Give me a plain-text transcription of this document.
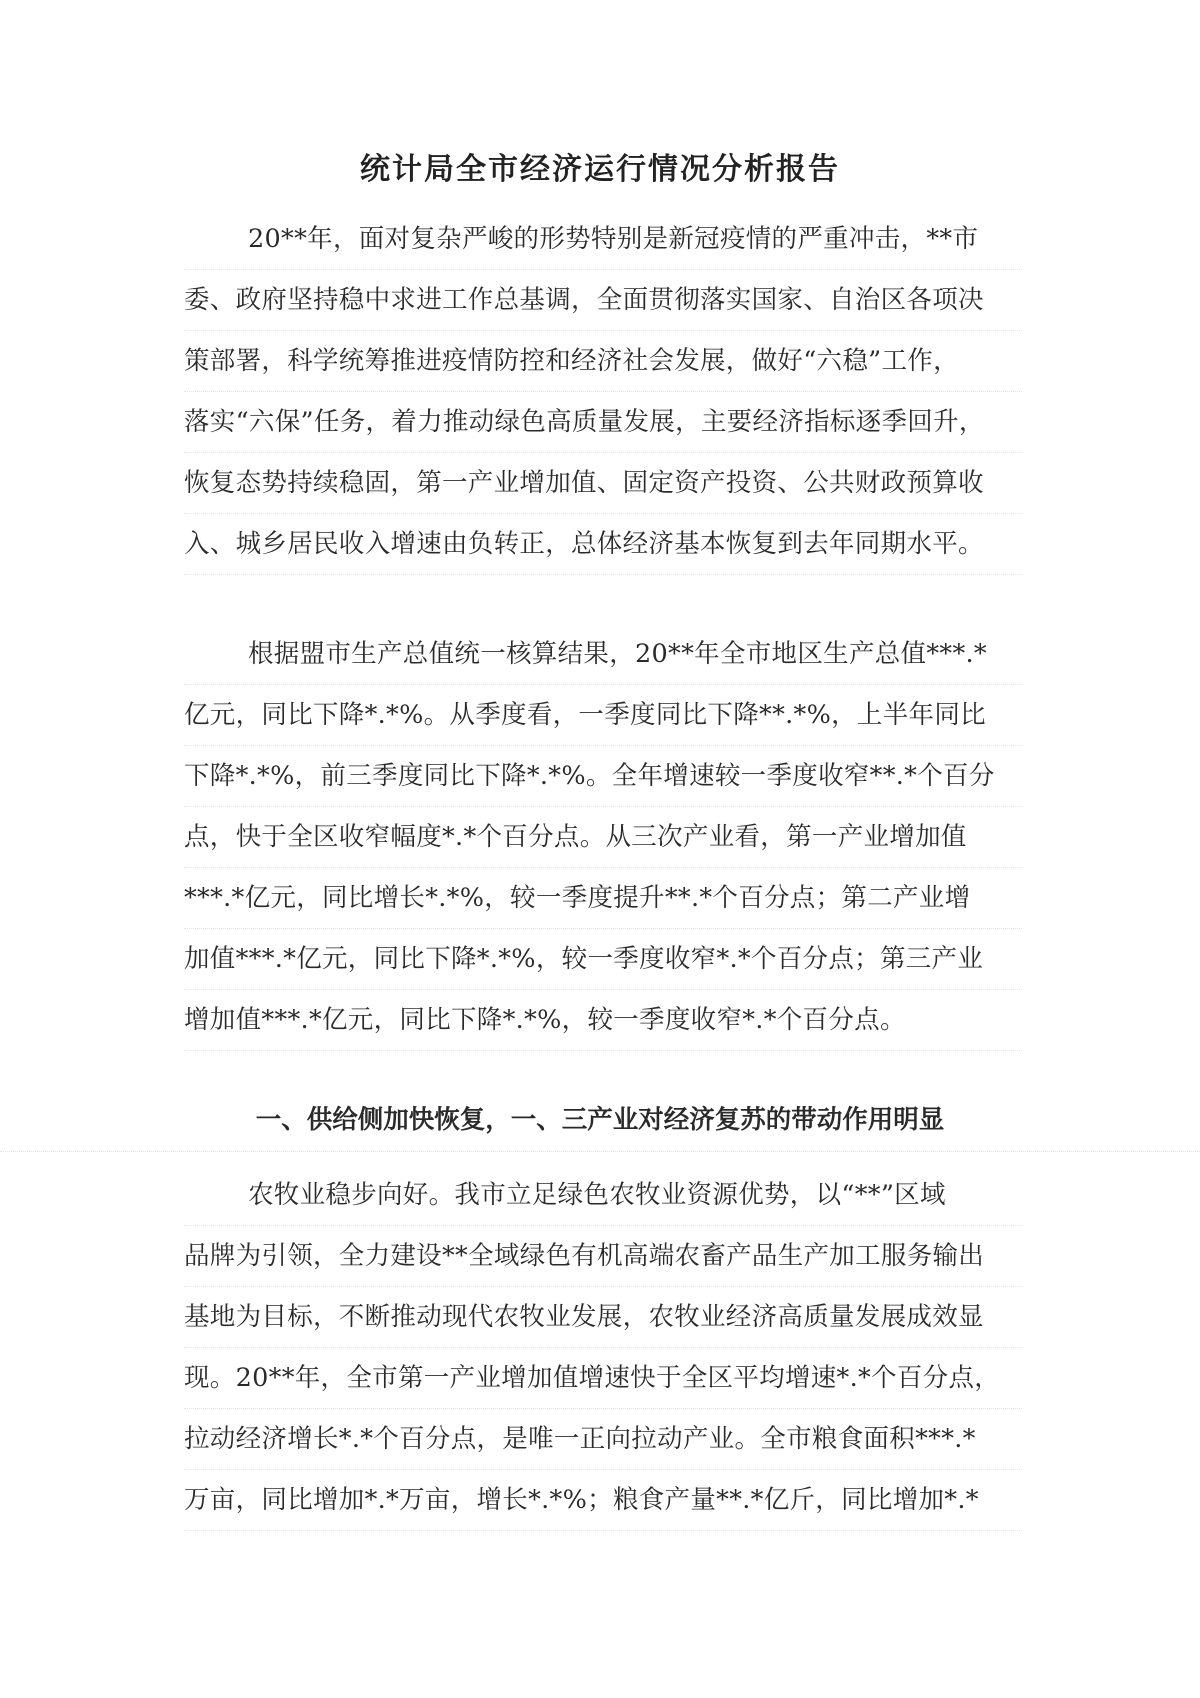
统计局全市经济运行情况分析报告
20**年，面对复杂严峻的形势特别是新冠疫情的严重冲击，**市
委、政府坚持稳中求进工作总基调，全面贯彻落实国家、自治区各项决
策部署，科学统筹推进疫情防控和经济社会发展，做好“六稳”工作，
落实“六保”任务，着力推动绿色高质量发展，主要经济指标逐季回升，
恢复态势持续稳固，第一产业增加值、固定资产投资、公共财政预算收
入、城乡居民收入增速由负转正，总体经济基本恢复到去年同期水平。
根据盟市生产总值统一核算结果，20**年全市地区生产总值***.*
亿元，同比下降*.*%。从季度看，一季度同比下降**.*%，上半年同比
下降*.*%，前三季度同比下降*.*%。全年增速较一季度收窄**.*个百分
点，快于全区收窄幅度*.*个百分点。从三次产业看，第一产业增加值
***.*亿元，同比增长*.*%，较一季度提升**.*个百分点；第二产业增
加值***.*亿元，同比下降*.*%，较一季度收窄*.*个百分点；第三产业
增加值***.*亿元，同比下降*.*%，较一季度收窄*.*个百分点。
一、供给侧加快恢复，一、三产业对经济复苏的带动作用明显
农牧业稳步向好。我市立足绿色农牧业资源优势，以“**”区域
品牌为引领，全力建设**全域绿色有机高端农畜产品生产加工服务输出
基地为目标，不断推动现代农牧业发展，农牧业经济高质量发展成效显
现。20**年，全市第一产业增加值增速快于全区平均增速*.*个百分点，
拉动经济增长*.*个百分点，是唯一正向拉动产业。全市粮食面积***.*
万亩，同比增加*.*万亩，增长*.*%；粮食产量**.*亿斤，同比增加*.*
